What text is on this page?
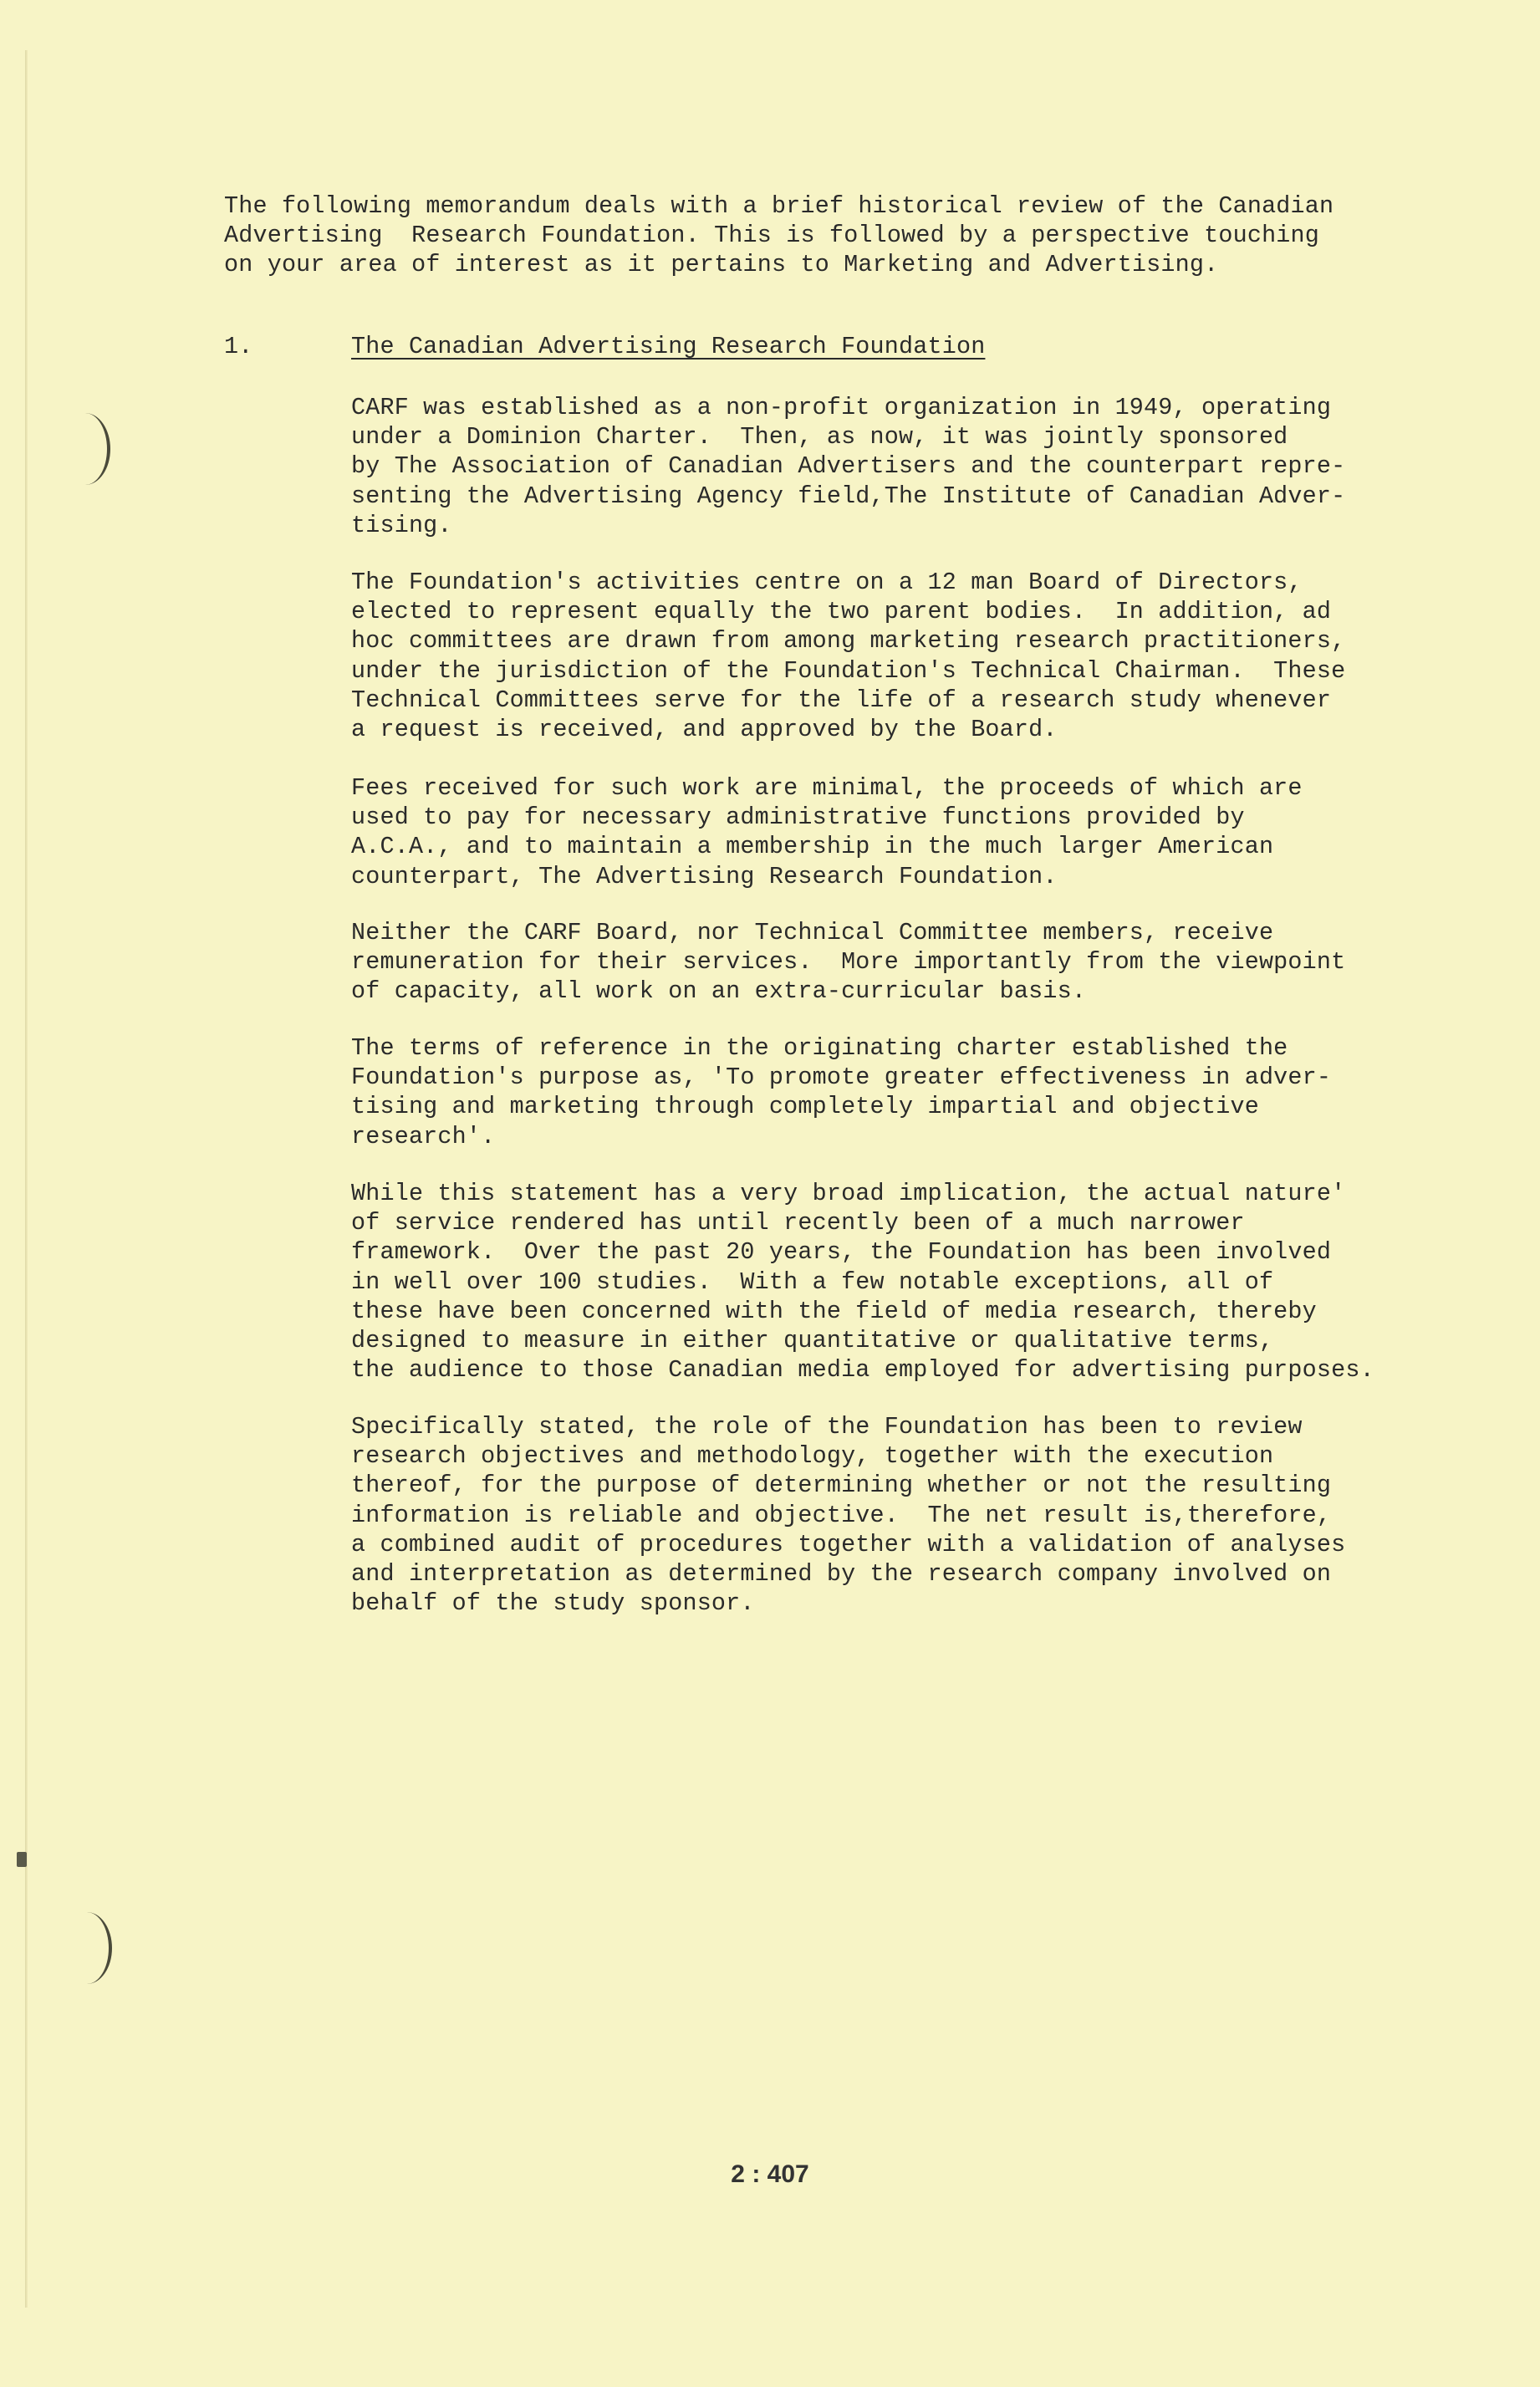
The following memorandum deals with a brief historical review of the Canadian
Advertising  Research Foundation. This is followed by a perspective touching
on your area of interest as it pertains to Marketing and Advertising.
1.	The Canadian Advertising Research Foundation
CARF was established as a non-profit organization in 1949, operating
under a Dominion Charter.  Then, as now, it was jointly sponsored
by The Association of Canadian Advertisers and the counterpart repre-
senting the Advertising Agency field,The Institute of Canadian Adver-
tising.
The Foundation's activities centre on a 12 man Board of Directors,
elected to represent equally the two parent bodies.  In addition, ad
hoc committees are drawn from among marketing research practitioners,
under the jurisdiction of the Foundation's Technical Chairman.  These
Technical Committees serve for the life of a research study whenever
a request is received, and approved by the Board.
Fees received for such work are minimal, the proceeds of which are
used to pay for necessary administrative functions provided by
A.C.A., and to maintain a membership in the much larger American
counterpart, The Advertising Research Foundation.
Neither the CARF Board, nor Technical Committee members, receive
remuneration for their services.  More importantly from the viewpoint
of capacity, all work on an extra-curricular basis.
The terms of reference in the originating charter established the
Foundation's purpose as, 'To promote greater effectiveness in adver-
tising and marketing through completely impartial and objective
research'.
While this statement has a very broad implication, the actual nature'
of service rendered has until recently been of a much narrower
framework.  Over the past 20 years, the Foundation has been involved
in well over 100 studies.  With a few notable exceptions, all of
these have been concerned with the field of media research, thereby
designed to measure in either quantitative or qualitative terms,
the audience to those Canadian media employed for advertising purposes.
Specifically stated, the role of the Foundation has been to review
research objectives and methodology, together with the execution
thereof, for the purpose of determining whether or not the resulting
information is reliable and objective.  The net result is,therefore,
a combined audit of procedures together with a validation of analyses
and interpretation as determined by the research company involved on
behalf of the study sponsor.
2 : 407
